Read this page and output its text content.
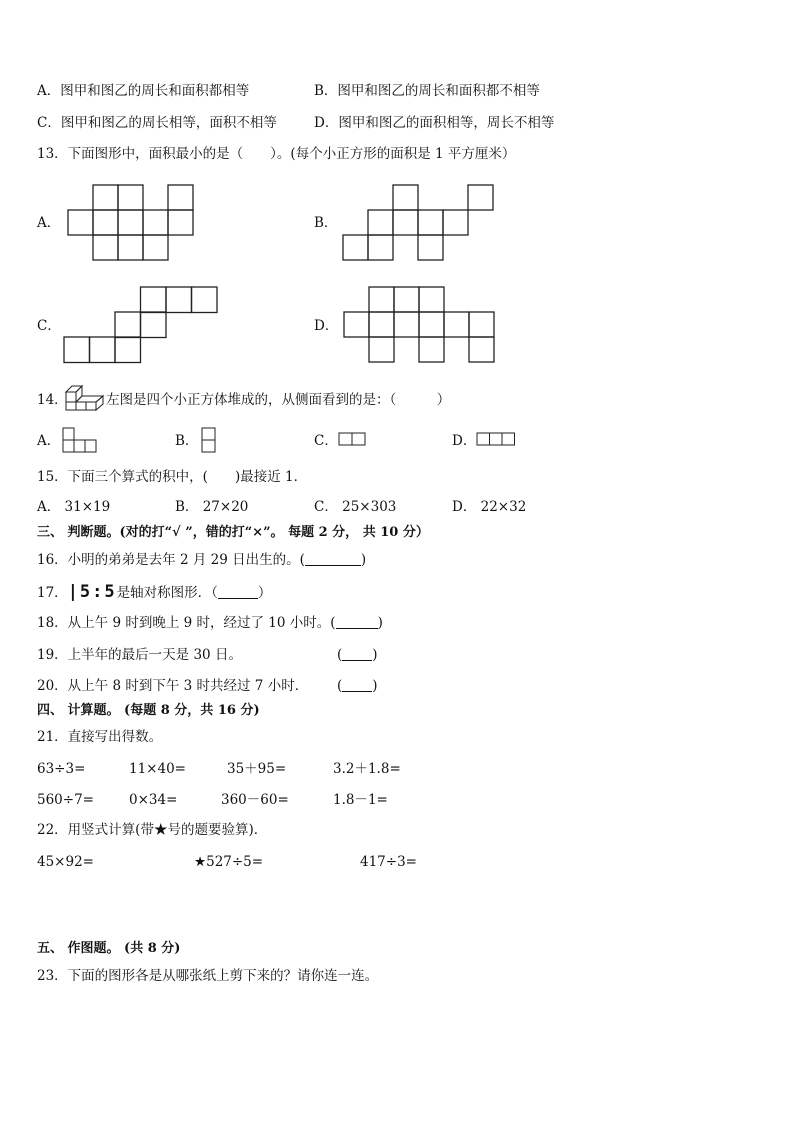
A．图甲和图乙的周长和面积都相等	B．图甲和图乙的周长和面积都不相等
C．图甲和图乙的周长相等，面积不相等	D．图甲和图乙的面积相等，周长不相等
13．下面图形中，面积最小的是（　　）。(每个小正方形的面积是 1 平方厘米）
A．	B．
C．	D．
14．	左图是四个小正方体堆成的，从侧面看到的是：（　　　）
A．	B．	C．	D．
15．下面三个算式的积中，(　　)最接近 1．
A． 31×19	B． 27×20	C． 25×303	D． 22×32
三、 判断题。(对的打“√ ”，错的打“×”。 每题 2 分， 共 10 分）
16．小明的弟弟是去年 2 月 29 日出生的。(	)
17．|5:5是轴对称图形．（	）
18．从上午 9 时到晚上 9 时，经过了 10 小时。(	)
19．上半年的最后一天是 30 日。	( )
20．从上午 8 时到下午 3 时共经过 7 小时． ( )
四、 计算题。 (每题 8 分，共 16 分)
21．直接写出得数。
63÷3=	11×40=	35＋95=	3.2＋1.8=
560÷7=	0×34=	360－60=	1.8－1=
22．用竖式计算(带★号的题要验算)．
45×92=	★527÷5=	417÷3=
五、 作图题。 (共 8 分)
23．下面的图形各是从哪张纸上剪下来的？请你连一连。
